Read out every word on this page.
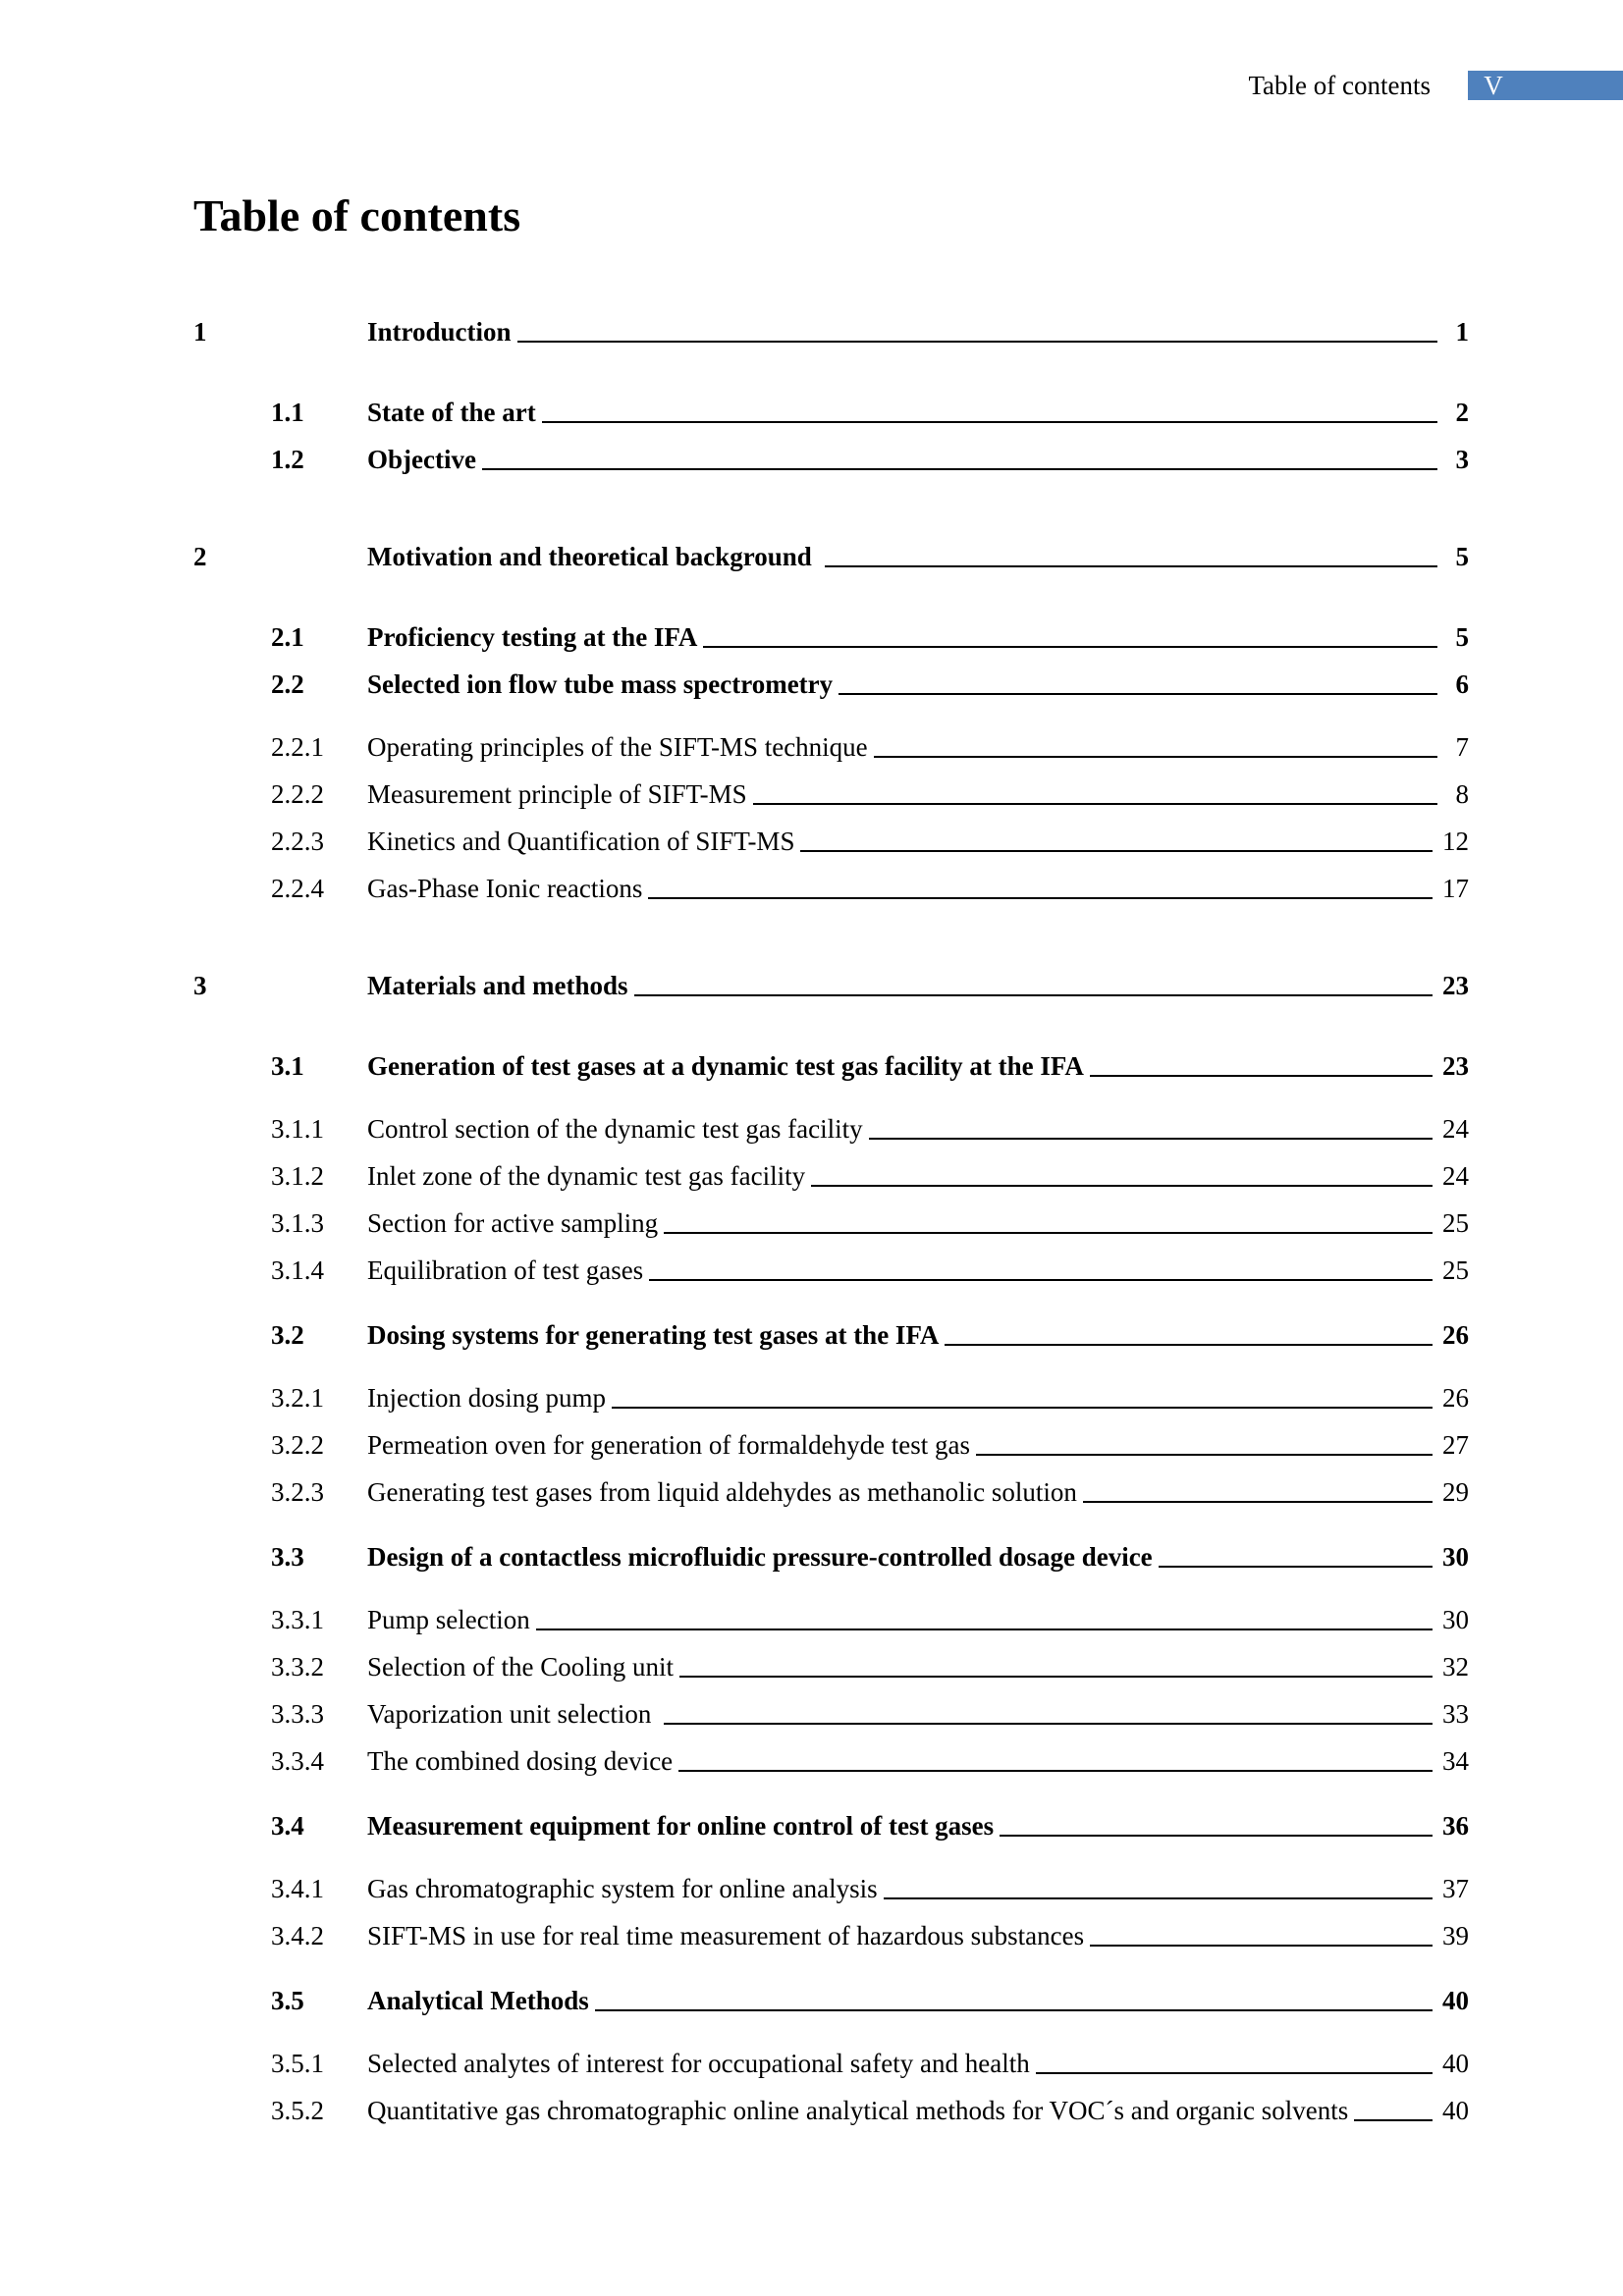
Table of contents	V
Table of contents
1	Introduction	1
1.1 State of the art	2
1.2 Objective	3
2	Motivation and theoretical background	5
2.1 Proficiency testing at the IFA	5
2.2 Selected ion flow tube mass spectrometry	6
2.2.1 Operating principles of the SIFT-MS technique	7
2.2.2 Measurement principle of SIFT-MS	8
2.2.3 Kinetics and Quantification of SIFT-MS	12
2.2.4 Gas-Phase Ionic reactions	17
3	Materials and methods	23
3.1 Generation of test gases at a dynamic test gas facility at the IFA	23
3.1.1 Control section of the dynamic test gas facility	24
3.1.2 Inlet zone of the dynamic test gas facility	24
3.1.3 Section for active sampling	25
3.1.4 Equilibration of test gases	25
3.2 Dosing systems for generating test gases at the IFA	26
3.2.1 Injection dosing pump	26
3.2.2 Permeation oven for generation of formaldehyde test gas	27
3.2.3 Generating test gases from liquid aldehydes as methanolic solution	29
3.3 Design of a contactless microfluidic pressure-controlled dosage device	30
3.3.1 Pump selection	30
3.3.2 Selection of the Cooling unit	32
3.3.3 Vaporization unit selection	33
3.3.4 The combined dosing device	34
3.4 Measurement equipment for online control of test gases	36
3.4.1 Gas chromatographic system for online analysis	37
3.4.2 SIFT-MS in use for real time measurement of hazardous substances	39
3.5 Analytical Methods	40
3.5.1 Selected analytes of interest for occupational safety and health	40
3.5.2 Quantitative gas chromatographic online analytical methods for VOC´s and organic solvents	40
